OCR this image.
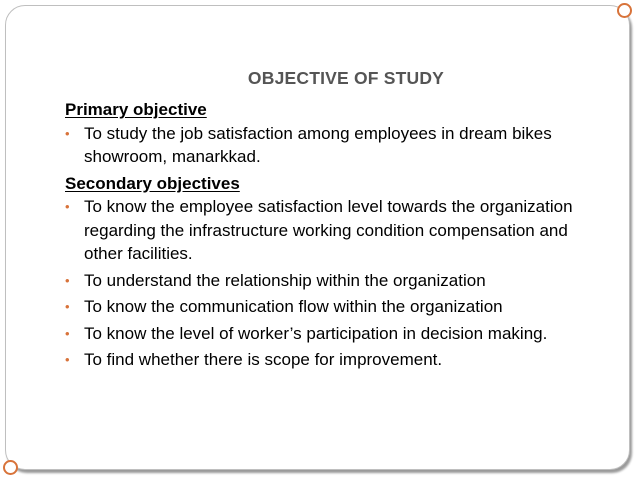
OBJECTIVE OF STUDY

Primary objective

• To study the job satisfaction among employees in dream bikes showroom, manarkkad.

Secondary objectives

• To know the employee satisfaction level towards the organization regarding the infrastructure working condition compensation and other facilities.
• To understand the relationship within the organization
• To know the communication flow within the organization
• To know the level of worker’s participation in decision making.
• To find whether there is scope for improvement.
